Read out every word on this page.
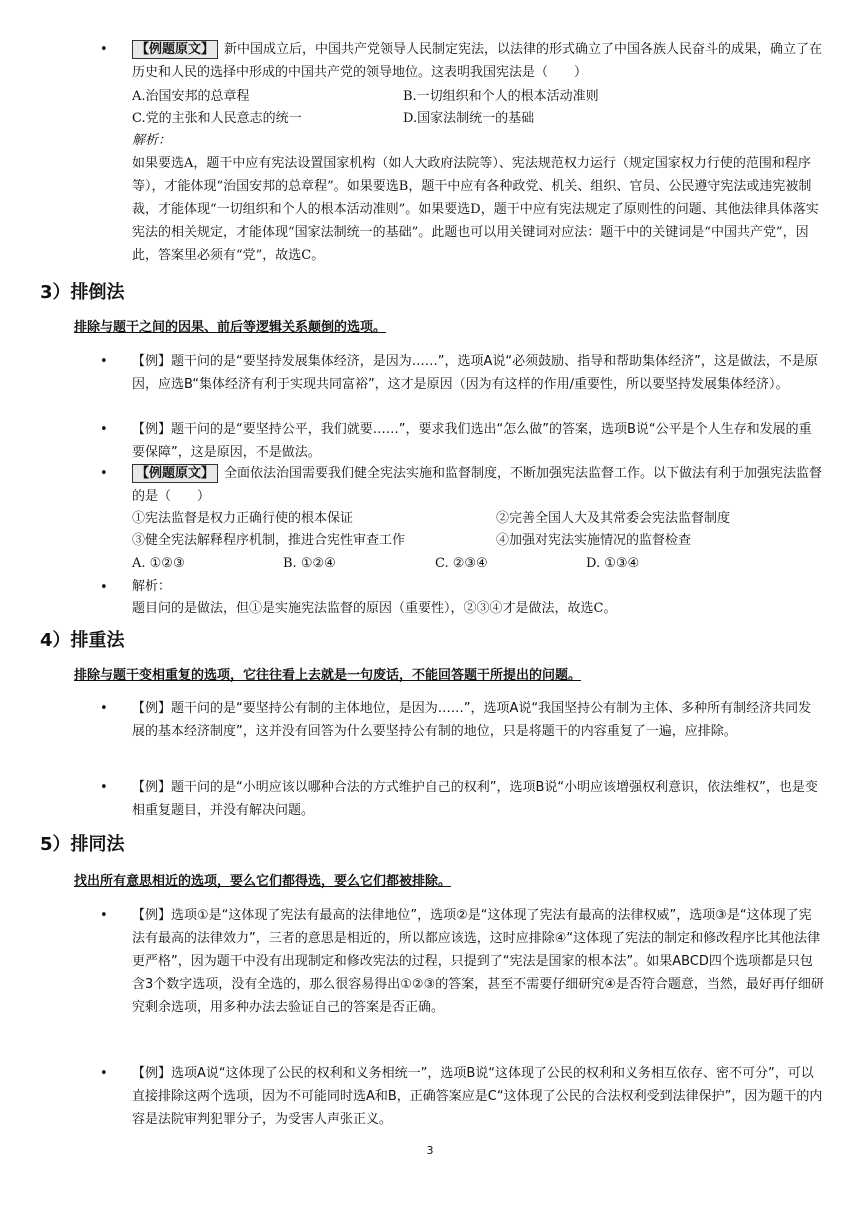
•	【例题原文】 新中国成立后，中国共产党领导人民制定宪法，以法律的形式确立了中国各族人民奋斗的成果，确立了在历史和人民的选择中形成的中国共产党的领导地位。这表明我国宪法是（　　）
A.治国安邦的总章程	B.一切组织和个人的根本活动准则
C.党的主张和人民意志的统一	D.国家法制统一的基础
解析：
如果要选A，题干中应有宪法设置国家机构（如人大政府法院等）、宪法规范权力运行（规定国家权力行使的范围和程序等），才能体现“治国安邦的总章程”。如果要选B，题干中应有各种政党、机关、组织、官员、公民遵守宪法或违宪被制裁，才能体现“一切组织和个人的根本活动准则”。如果要选D，题干中应有宪法规定了原则性的问题、其他法律具体落实宪法的相关规定，才能体现“国家法制统一的基础”。此题也可以用关键词对应法：题干中的关键词是“中国共产党”，因此，答案里必须有“党”，故选C。
3）排倒法
排除与题干之间的因果、前后等逻辑关系颠倒的选项。
• 【例】题干问的是“要坚持发展集体经济，是因为……”，选项A说“必须鼓励、指导和帮助集体经济”，这是做法，不是原因，应选B“集体经济有利于实现共同富裕”，这才是原因（因为有这样的作用/重要性，所以要坚持发展集体经济）。
• 【例】题干问的是“要坚持公平，我们就要……”，要求我们选出“怎么做”的答案，选项B说“公平是个人生存和发展的重要保障”，这是原因，不是做法。
•	【例题原文】 全面依法治国需要我们健全宪法实施和监督制度，不断加强宪法监督工作。以下做法有利于加强宪法监督的是（　　）
①宪法监督是权力正确行使的根本保证	②完善全国人大及其常委会宪法监督制度
③健全宪法解释程序机制，推进合宪性审查工作	④加强对宪法实施情况的监督检查
A. ①②③	B. ①②④	C. ②③④	D. ①③④
• 解析：
题目问的是做法，但①是实施宪法监督的原因（重要性），②③④才是做法，故选C。
4）排重法
排除与题干变相重复的选项，它往往看上去就是一句废话，不能回答题干所提出的问题。
• 【例】题干问的是“要坚持公有制的主体地位，是因为……”，选项A说“我国坚持公有制为主体、多种所有制经济共同发展的基本经济制度”，这并没有回答为什么要坚持公有制的地位，只是将题干的内容重复了一遍，应排除。
• 【例】题干问的是“小明应该以哪种合法的方式维护自己的权利”，选项B说“小明应该增强权利意识，依法维权”，也是变相重复题目，并没有解决问题。
5）排同法
找出所有意思相近的选项，要么它们都得选，要么它们都被排除。
• 【例】选项①是“这体现了宪法有最高的法律地位”，选项②是“这体现了宪法有最高的法律权威”，选项③是“这体现了宪法有最高的法律效力”，三者的意思是相近的，所以都应该选，这时应排除④“这体现了宪法的制定和修改程序比其他法律更严格”，因为题干中没有出现制定和修改宪法的过程，只提到了“宪法是国家的根本法”。如果ABCD四个选项都是只包含3个数字选项，没有全选的，那么很容易得出①②③的答案，甚至不需要仔细研究④是否符合题意，当然，最好再仔细研究剩余选项，用多种办法去验证自己的答案是否正确。
• 【例】选项A说“这体现了公民的权利和义务相统一”，选项B说“这体现了公民的权利和义务相互依存、密不可分”，可以直接排除这两个选项，因为不可能同时选A和B，正确答案应是C“这体现了公民的合法权利受到法律保护”，因为题干的内容是法院审判犯罪分子，为受害人声张正义。
3
